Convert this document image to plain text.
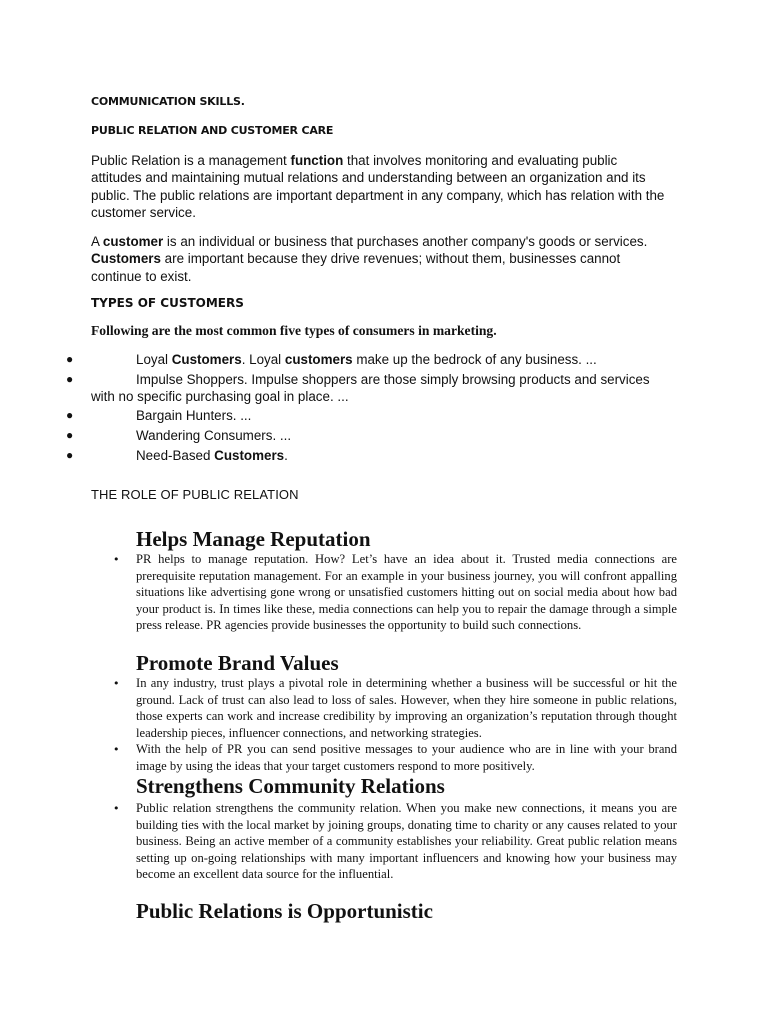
COMMUNICATION SKILLS.
PUBLIC RELATION AND CUSTOMER CARE
Public Relation is a management function that involves monitoring and evaluating public attitudes and maintaining mutual relations and understanding between an organization and its public. The public relations are important department in any company, which has relation with the customer service.
A customer is an individual or business that purchases another company's goods or services. Customers are important because they drive revenues; without them, businesses cannot continue to exist.
TYPES OF CUSTOMERS
Following are the most common five types of consumers in marketing.
●	Loyal Customers. Loyal customers make up the bedrock of any business. ...
●	Impulse Shoppers. Impulse shoppers are those simply browsing products and services
with no specific purchasing goal in place. ...
●	Bargain Hunters. ...
●	Wandering Consumers. ...
●	Need-Based Customers.
THE ROLE OF PUBLIC RELATION
Helps Manage Reputation
• PR helps to manage reputation. How? Let’s have an idea about it. Trusted media connections are prerequisite reputation management. For an example in your business journey, you will confront appalling situations like advertising gone wrong or unsatisfied customers hitting out on social media about how bad your product is. In times like these, media connections can help you to repair the damage through a simple press release. PR agencies provide businesses the opportunity to build such connections.
Promote Brand Values
• In any industry, trust plays a pivotal role in determining whether a business will be successful or hit the ground. Lack of trust can also lead to loss of sales. However, when they hire someone in public relations, those experts can work and increase credibility by improving an organization’s reputation through thought leadership pieces, influencer connections, and networking strategies.
• With the help of PR you can send positive messages to your audience who are in line with your brand image by using the ideas that your target customers respond to more positively.
Strengthens Community Relations
• Public relation strengthens the community relation. When you make new connections, it means you are building ties with the local market by joining groups, donating time to charity or any causes related to your business. Being an active member of a community establishes your reliability. Great public relation means setting up on-going relationships with many important influencers and knowing how your business may become an excellent data source for the influential.
Public Relations is Opportunistic
